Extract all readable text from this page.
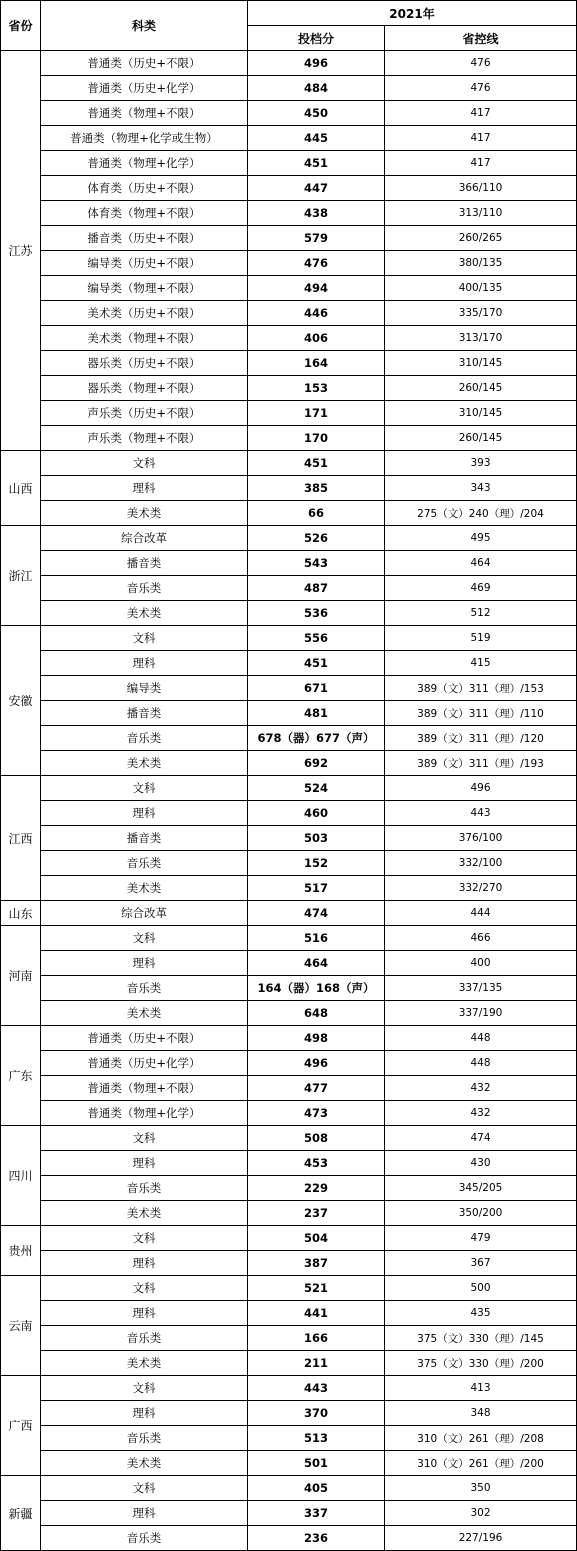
省份	科类	2021年	
		投档分	省控线
江苏	普通类（历史+不限）	496	476
	普通类（历史+化学）	484	476
	普通类（物理+不限）	450	417
	普通类（物理+化学或生物）	445	417
	普通类（物理+化学）	451	417
	体育类（历史+不限）	447	366/110
	体育类（物理+不限）	438	313/110
	播音类（历史+不限）	579	260/265
	编导类（历史+不限）	476	380/135
	编导类（物理+不限）	494	400/135
	美术类（历史+不限）	446	335/170
	美术类（物理+不限）	406	313/170
	器乐类（历史+不限）	164	310/145
	器乐类（物理+不限）	153	260/145
	声乐类（历史+不限）	171	310/145
	声乐类（物理+不限）	170	260/145
山西	文科	451	393
	理科	385	343
	美术类	66	275（文）240（理）/204
浙江	综合改革	526	495
	播音类	543	464
	音乐类	487	469
	美术类	536	512
安徽	文科	556	519
	理科	451	415
	编导类	671	389（文）311（理）/153
	播音类	481	389（文）311（理）/110
	音乐类	678（器）677（声）	389（文）311（理）/120
	美术类	692	389（文）311（理）/193
江西	文科	524	496
	理科	460	443
	播音类	503	376/100
	音乐类	152	332/100
	美术类	517	332/270
山东	综合改革	474	444
河南	文科	516	466
	理科	464	400
	音乐类	164（器）168（声）	337/135
	美术类	648	337/190
广东	普通类（历史+不限）	498	448
	普通类（历史+化学）	496	448
	普通类（物理+不限）	477	432
	普通类（物理+化学）	473	432
四川	文科	508	474
	理科	453	430
	音乐类	229	345/205
	美术类	237	350/200
贵州	文科	504	479
	理科	387	367
云南	文科	521	500
	理科	441	435
	音乐类	166	375（文）330（理）/145
	美术类	211	375（文）330（理）/200
广西	文科	443	413
	理科	370	348
	音乐类	513	310（文）261（理）/208
	美术类	501	310（文）261（理）/200
新疆	文科	405	350
	理科	337	302
	音乐类	236	227/196
